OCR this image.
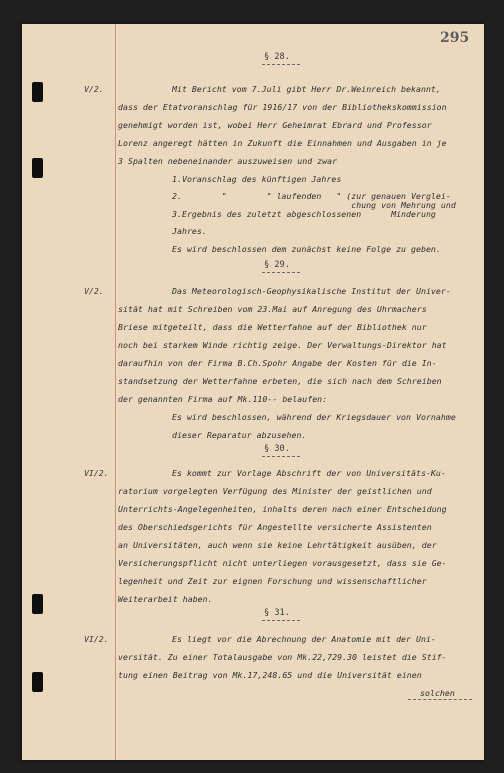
295
§ 28.
V/2.	Mit Bericht vom 7.Juli gibt Herr Dr.Weinreich bekannt,
dass der Etatvoranschlag für 1916/17 von der Bibliothekskommission
genehmigt worden ist, wobei Herr Geheimrat Ebrard und Professor
Lorenz angeregt hätten in Zukunft die Einnahmen und Ausgaben in je
3 Spalten nebeneinander auszuweisen und zwar
1.Voranschlag des künftigen Jahres
2.        "        " laufenden   " (zur genauen Verglei-
chung von Mehrung und
3.Ergebnis des zuletzt abgeschlossenen      Minderung
Jahres.
Es wird beschlossen dem zunächst keine Folge zu geben.
§ 29.
V/2.	Das Meteorologisch-Geophysikalische Institut der Univer-
sität hat mit Schreiben vom 23.Mai auf Anregung des Uhrmachers
Briese mitgeteilt, dass die Wetterfahne auf der Bibliothek nur
noch bei starkem Winde richtig zeige. Der Verwaltungs-Direktor hat
daraufhin von der Firma B.Ch.Spohr Angabe der Kosten für die In-
standsetzung der Wetterfahne erbeten, die sich nach dem Schreiben
der genannten Firma auf Mk.110-- belaufen:
Es wird beschlossen, während der Kriegsdauer von Vornahme
dieser Reparatur abzusehen.
§ 30.
VI/2.	Es kommt zur Vorlage Abschrift der von Universitäts-Ku-
ratorium vorgelegten Verfügung des Minister der geistlichen und
Unterrichts-Angelegenheiten, inhalts deren nach einer Entscheidung
des Oberschiedsgerichts für Angestellte versicherte Assistenten
an Universitäten, auch wenn sie keine Lehrtätigkeit ausüben, der
Versicherungspflicht nicht unterliegen vorausgesetzt, dass sie Ge-
legenheit und Zeit zur eignen Forschung und wissenschaftlicher
Weiterarbeit haben.
§ 31.
VI/2.	Es liegt vor die Abrechnung der Anatomie mit der Uni-
versität. Zu einer Totalausgabe von Mk.22,729.30 leistet die Stif-
tung einen Beitrag von Mk.17,248.65 und die Universität einen
solchen
